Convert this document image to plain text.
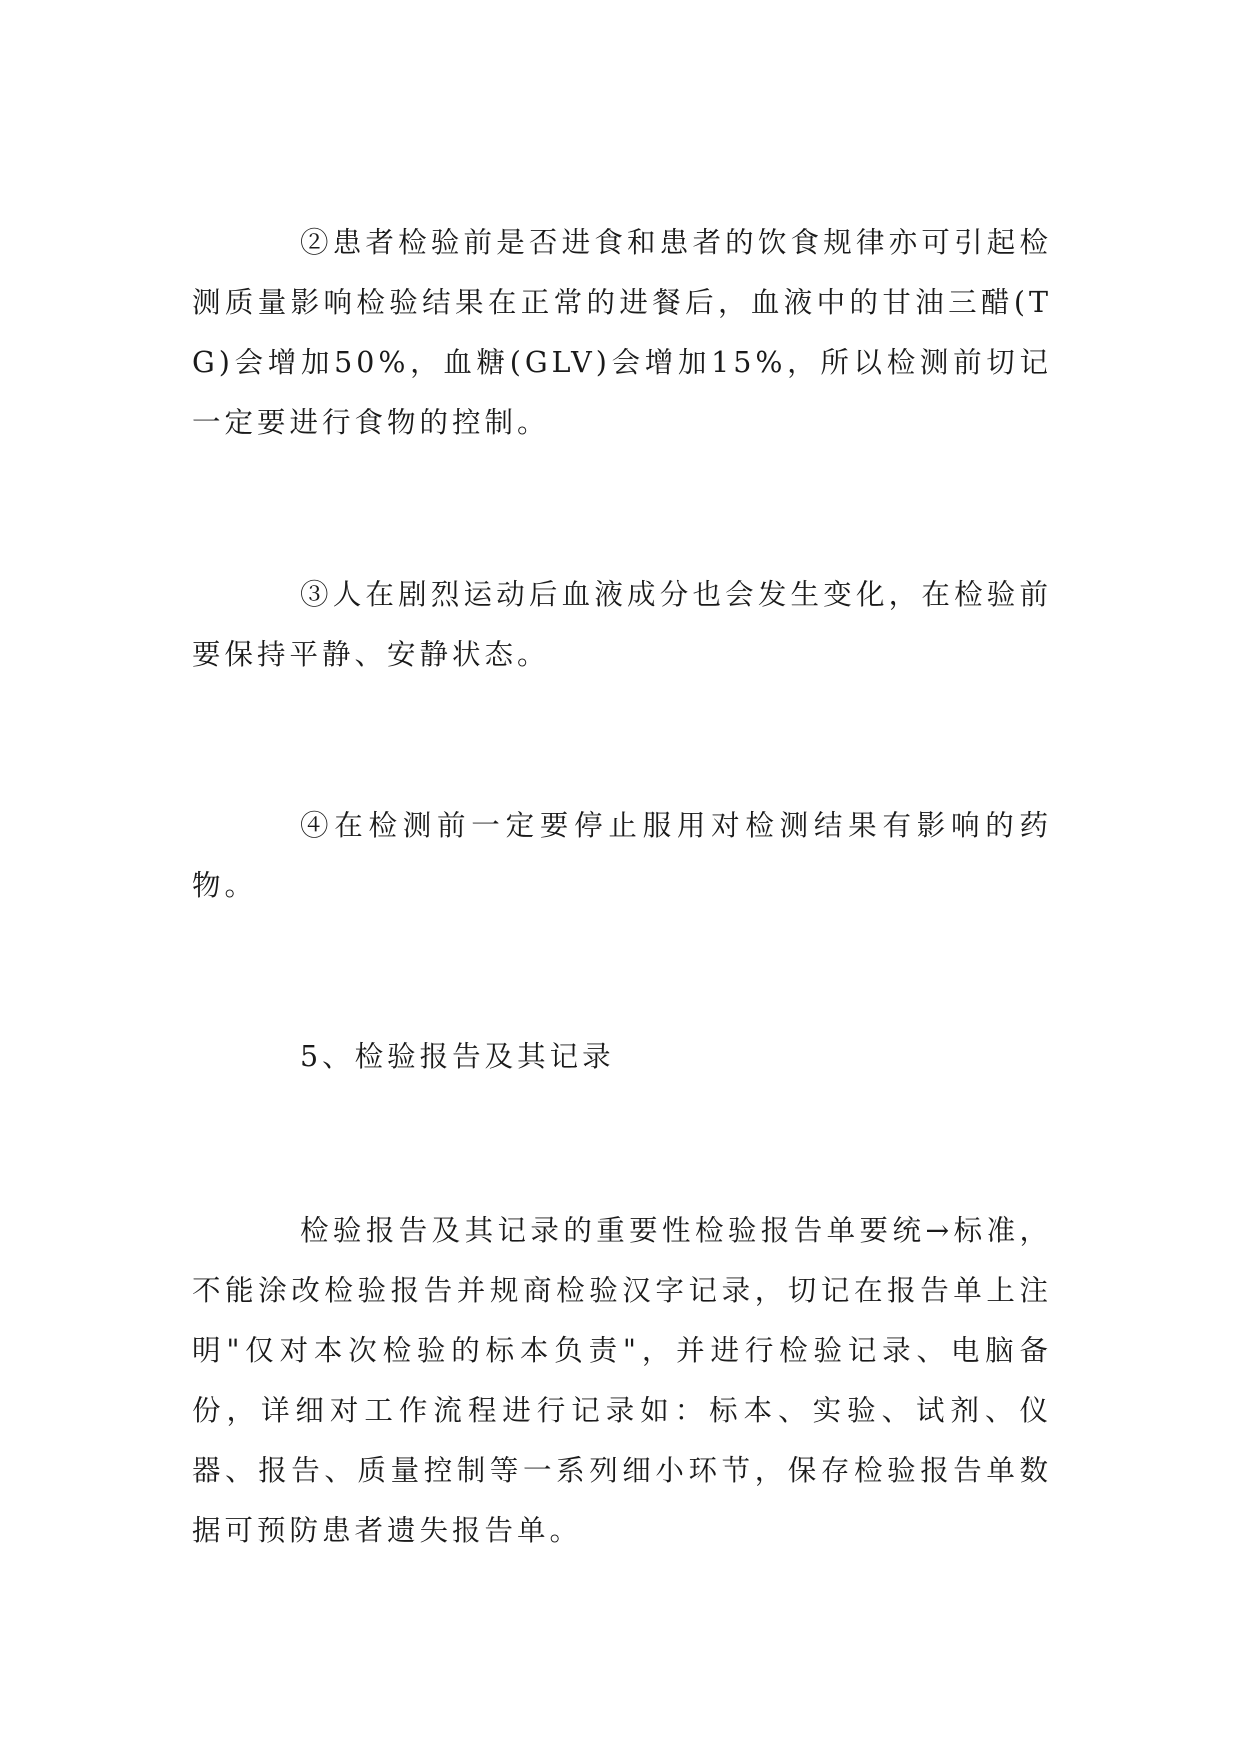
②患者检验前是否进食和患者的饮食规律亦可引起检测质量影响检验结果在正常的进餐后，血液中的甘油三醋(TG)会增加50%，血糖(GLV)会增加15%，所以检测前切记一定要进行食物的控制。

③人在剧烈运动后血液成分也会发生变化，在检验前要保持平静、安静状态。

④在检测前一定要停止服用对检测结果有影响的药物。

5、检验报告及其记录

检验报告及其记录的重要性检验报告单要统→标准，不能涂改检验报告并规商检验汉字记录，切记在报告单上注明"仅对本次检验的标本负责"，并进行检验记录、电脑备份，详细对工作流程进行记录如：标本、实验、试剂、仪器、报告、质量控制等一系列细小环节，保存检验报告单数据可预防患者遗失报告单。
